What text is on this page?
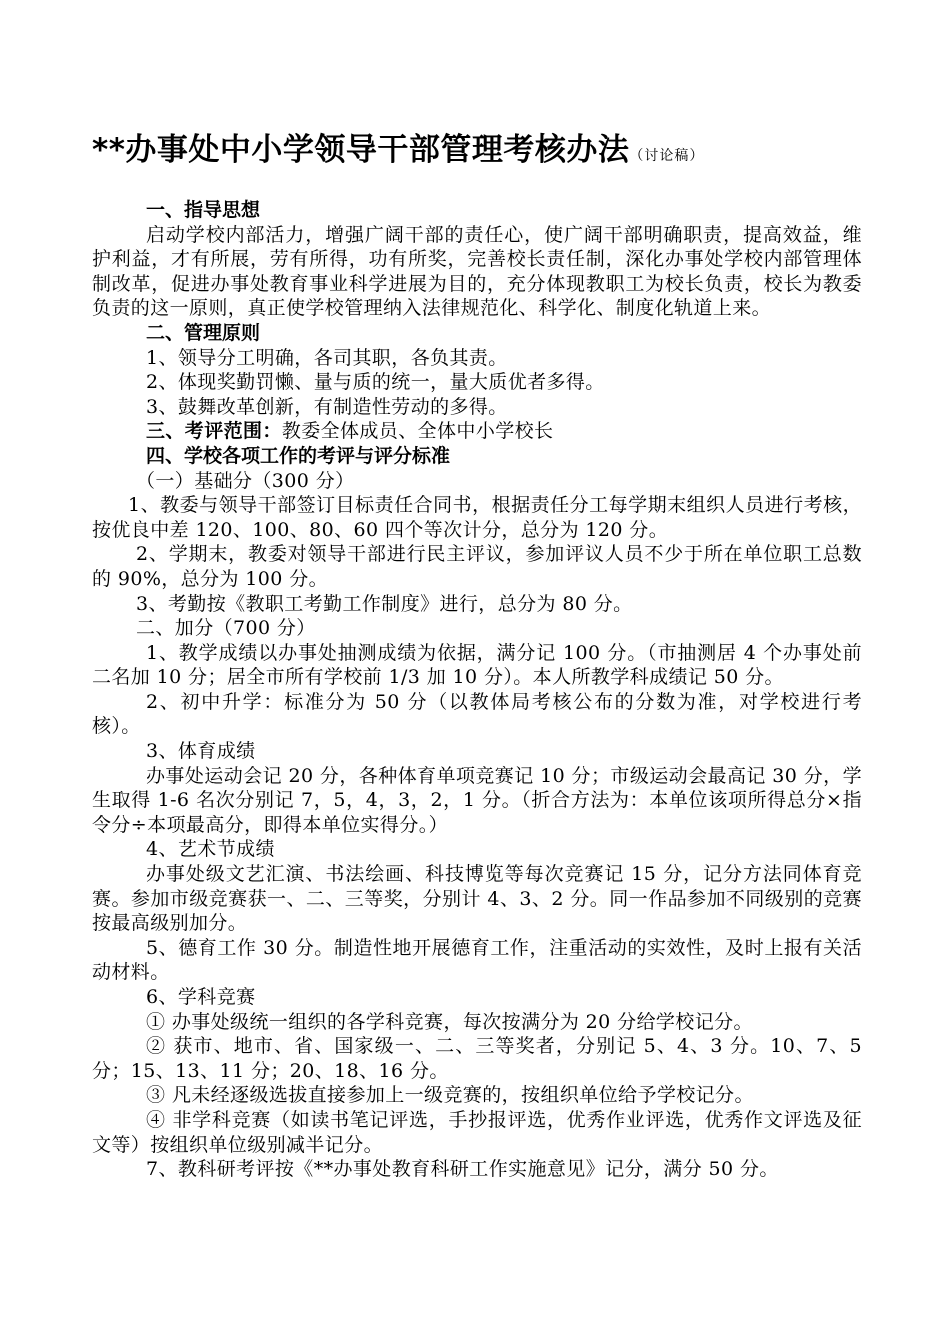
**办事处中小学领导干部管理考核办法（讨论稿）
一、指导思想
启动学校内部活力，增强广阔干部的责任心，使广阔干部明确职责，提高效益，维护利益，才有所展，劳有所得，功有所奖，完善校长责任制，深化办事处学校内部管理体制改革，促进办事处教育事业科学进展为目的，充分体现教职工为校长负责，校长为教委负责的这一原则，真正使学校管理纳入法律规范化、科学化、制度化轨道上来。
二、管理原则
1、领导分工明确，各司其职，各负其责。
2、体现奖勤罚懒、量与质的统一，量大质优者多得。
3、鼓舞改革创新，有制造性劳动的多得。
三、考评范围：教委全体成员、全体中小学校长
四、学校各项工作的考评与评分标准
（一）基础分（300 分）
1、教委与领导干部签订目标责任合同书，根据责任分工每学期末组织人员进行考核，按优良中差 120、100、80、60 四个等次计分，总分为 120 分。
2、学期末，教委对领导干部进行民主评议，参加评议人员不少于所在单位职工总数的 90%，总分为 100 分。
3、考勤按《教职工考勤工作制度》进行，总分为 80 分。
二、加分（700 分）
1、教学成绩以办事处抽测成绩为依据，满分记 100 分。（市抽测居 4 个办事处前二名加 10 分；居全市所有学校前 1/3 加 10 分）。本人所教学科成绩记 50 分。
2、初中升学：标准分为 50 分（以教体局考核公布的分数为准，对学校进行考核）。
3、体育成绩
办事处运动会记 20 分，各种体育单项竞赛记 10 分；市级运动会最高记 30 分，学生取得 1-6 名次分别记 7，5，4，3，2，1 分。（折合方法为：本单位该项所得总分×指令分÷本项最高分，即得本单位实得分。）
4、艺术节成绩
办事处级文艺汇演、书法绘画、科技博览等每次竞赛记 15 分，记分方法同体育竞赛。参加市级竞赛获一、二、三等奖，分别计 4、3、2 分。同一作品参加不同级别的竞赛按最高级别加分。
5、德育工作 30 分。制造性地开展德育工作，注重活动的实效性，及时上报有关活动材料。
6、学科竞赛
① 办事处级统一组织的各学科竞赛，每次按满分为 20 分给学校记分。
② 获市、地市、省、国家级一、二、三等奖者，分别记 5、4、3 分。10、7、5 分；15、13、11 分；20、18、16 分。
③ 凡未经逐级选拔直接参加上一级竞赛的，按组织单位给予学校记分。
④ 非学科竞赛（如读书笔记评选，手抄报评选，优秀作业评选，优秀作文评选及征文等）按组织单位级别减半记分。
7、教科研考评按《**办事处教育科研工作实施意见》记分，满分 50 分。
